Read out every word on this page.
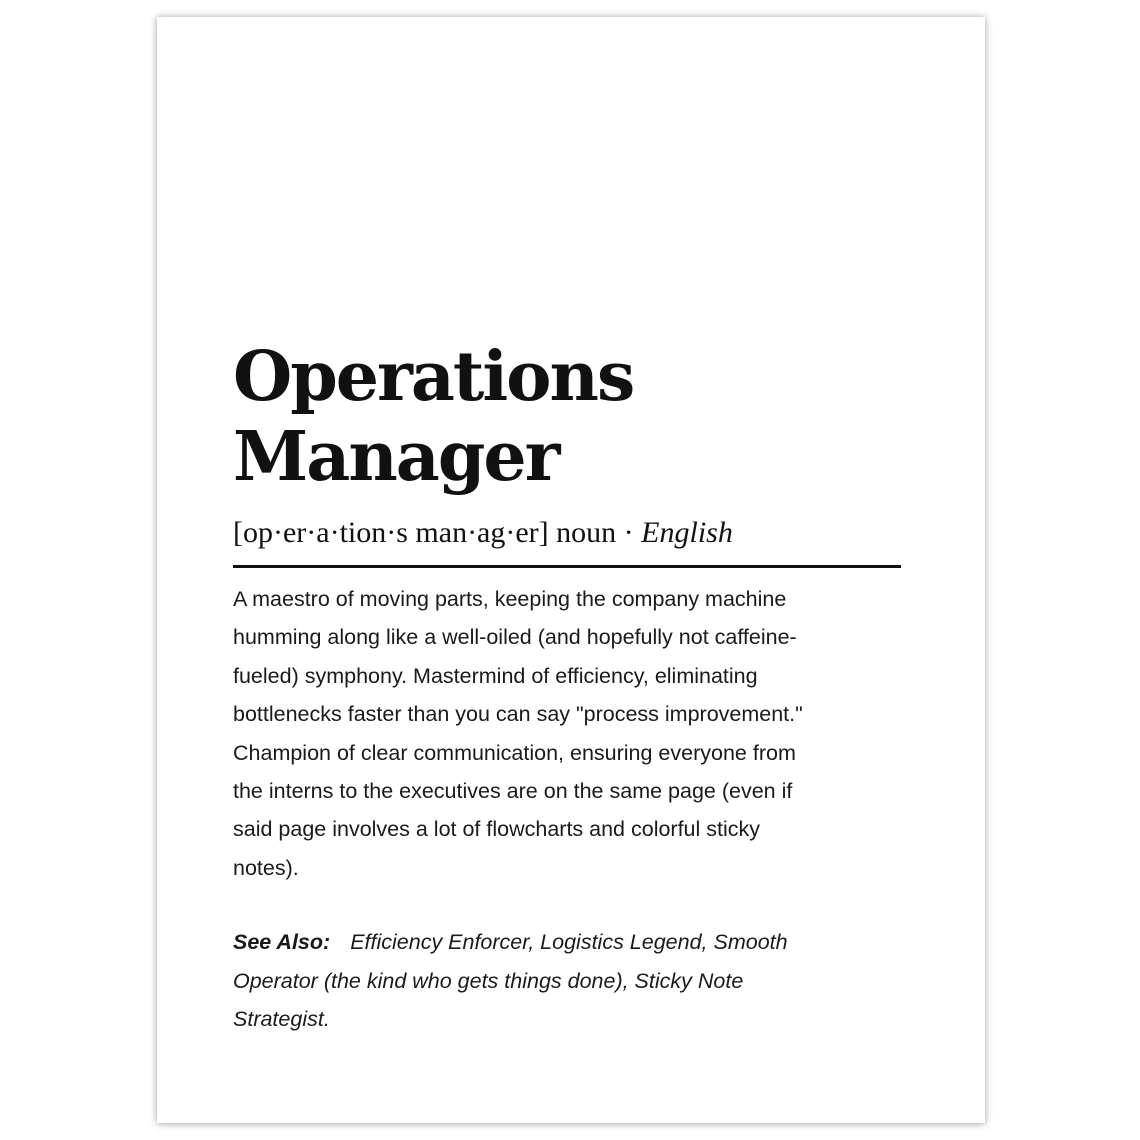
Operations
Manager
[op·er·a·tion·s man·ag·er] noun · English
A maestro of moving parts, keeping the company machine
humming along like a well-oiled (and hopefully not caffeine-
fueled) symphony. Mastermind of efficiency, eliminating
bottlenecks faster than you can say "process improvement."
Champion of clear communication, ensuring everyone from
the interns to the executives are on the same page (even if
said page involves a lot of flowcharts and colorful sticky
notes).
See Also: Efficiency Enforcer, Logistics Legend, Smooth
Operator (the kind who gets things done), Sticky Note
Strategist.
